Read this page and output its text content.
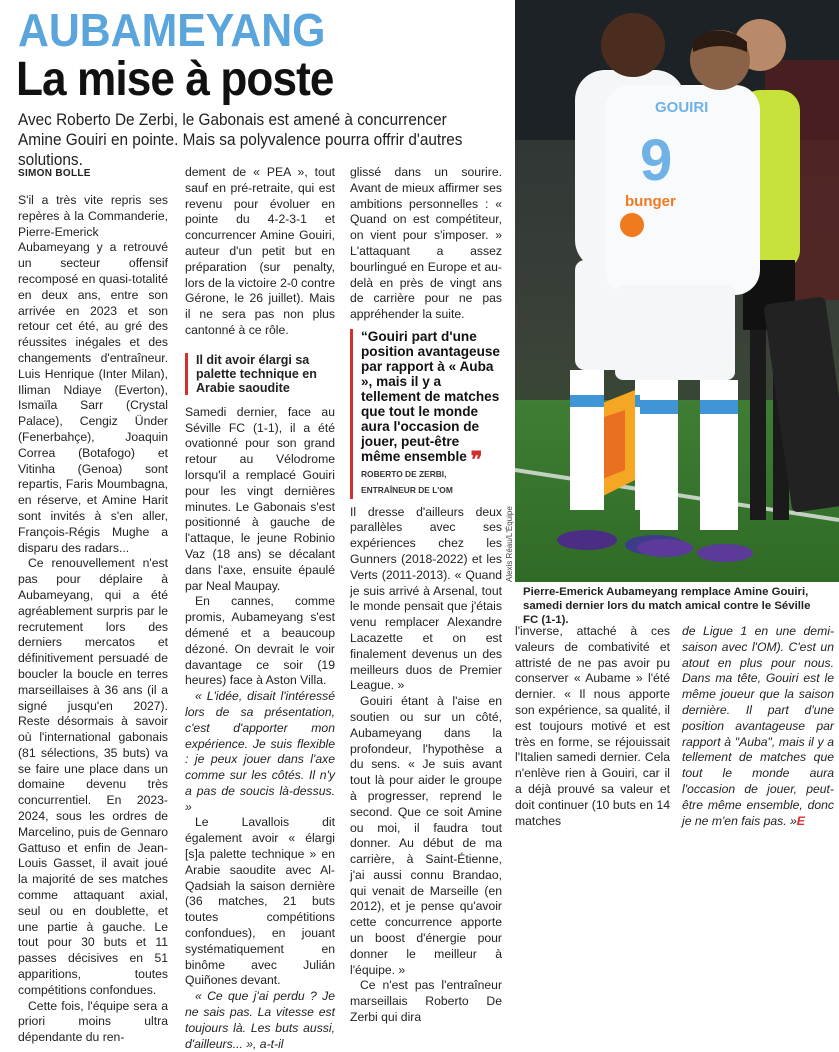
AUBAMEYANG
La mise à poste
Avec Roberto De Zerbi, le Gabonais est amené à concurrencer Amine Gouiri en pointe. Mais sa polyvalence pourra offrir d'autres solutions.
SIMON BOLLE

S'il a très vite repris ses repères à la Commanderie, Pierre-Emerick Aubameyang y a retrouvé un secteur offensif recomposé en quasi-totalité en deux ans, entre son arrivée en 2023 et son retour cet été, au gré des réussites inégales et des changements d'entraîneur. Luis Henrique (Inter Milan), Iliman Ndiaye (Everton), Ismaïla Sarr (Crystal Palace), Cengiz Ünder (Fenerbahçe), Joaquin Correa (Botafogo) et Vitinha (Genoa) sont repartis, Faris Moumbagna, en réserve, et Amine Harit sont invités à s'en aller, François-Régis Mughe a disparu des radars...

Ce renouvellement n'est pas pour déplaire à Aubameyang, qui a été agréablement surpris par le recrutement lors des derniers mercatos et définitivement persuadé de boucler la boucle en terres marseillaises à 36 ans (il a signé jusqu'en 2027). Reste désormais à savoir où l'international gabonais (81 sélections, 35 buts) va se faire une place dans un domaine devenu très concurrentiel. En 2023-2024, sous les ordres de Marcelino, puis de Gennaro Gattuso et enfin de Jean-Louis Gasset, il avait joué la majorité de ses matches comme attaquant axial, seul ou en doublette, et une partie à gauche. Le tout pour 30 buts et 11 passes décisives en 51 apparitions, toutes compétitions confondues.

Cette fois, l'équipe sera a priori moins ultra dépendante du ren-

dement de « PEA », tout sauf en pré-retraite, qui est revenu pour évoluer en pointe du 4-2-3-1 et concurrencer Amine Gouiri, auteur d'un petit but en préparation (sur penalty, lors de la victoire 2-0 contre Gérone, le 26 juillet). Mais il ne sera pas non plus cantonné à ce rôle.

Il dit avoir élargi sa palette technique en Arabie saoudite

Samedi dernier, face au Séville FC (1-1), il a été ovationné pour son grand retour au Vélodrome lorsqu'il a remplacé Gouiri pour les vingt dernières minutes. Le Gabonais s'est positionné à gauche de l'attaque, le jeune Robinio Vaz (18 ans) se décalant dans l'axe, ensuite épaulé par Neal Maupay.

En cannes, comme promis, Aubameyang s'est démené et a beaucoup dézoné. On devrait le voir davantage ce soir (19 heures) face à Aston Villa.

« L'idée, disait l'intéressé lors de sa présentation, c'est d'apporter mon expérience. Je suis flexible : je peux jouer dans l'axe comme sur les côtés. Il n'y a pas de soucis là-dessus. »

Le Lavallois dit également avoir « élargi [s]a palette technique » en Arabie saoudite avec Al-Qadsiah la saison dernière (36 matches, 21 buts toutes compétitions confondues), en jouant systématiquement en binôme avec Julián Quiñones devant.

« Ce que j'ai perdu ? Je ne sais pas. La vitesse est toujours là. Les buts aussi, d'ailleurs... », a-t-il

glissé dans un sourire. Avant de mieux affirmer ses ambitions personnelles : « Quand on est compétiteur, on vient pour s'imposer. » L'attaquant a assez bourlingué en Europe et au-delà en près de vingt ans de carrière pour ne pas appréhender la suite.

“Gouiri part d'une position avantageuse par rapport à « Auba », mais il y a tellement de matches que tout le monde aura l'occasion de jouer, peut-être même ensemble ❞
ROBERTO DE ZERBI, ENTRAÎNEUR DE L'OM

Il dresse d'ailleurs deux parallèles avec ses expériences chez les Gunners (2018-2022) et les Verts (2011-2013). « Quand je suis arrivé à Arsenal, tout le monde pensait que j'étais venu remplacer Alexandre Lacazette et on est finalement devenus un des meilleurs duos de Premier League. »

Gouiri étant à l'aise en soutien ou sur un côté, Aubameyang dans la profondeur, l'hypothèse a du sens. « Je suis avant tout là pour aider le groupe à progresser, reprend le second. Que ce soit Amine ou moi, il faudra tout donner. Au début de ma carrière, à Saint-Étienne, j'ai aussi connu Brandao, qui venait de Marseille (en 2012), et je pense qu'avoir cette concurrence apporte un boost d'énergie pour donner le meilleur à l'équipe. »

Ce n'est pas l'entraîneur marseillais Roberto De Zerbi qui dira

GOUIRI
9
bunger
Alexis Réau/L'Équipe
Pierre-Emerick Aubameyang remplace Amine Gouiri, samedi dernier lors du match amical contre le Séville FC (1-1).

l'inverse, attaché à ces valeurs de combativité et attristé de ne pas avoir pu conserver « Aubame » l'été dernier. « Il nous apporte son expérience, sa qualité, il est toujours motivé et est très en forme, se réjouissait l'Italien samedi dernier. Cela n'enlève rien à Gouiri, car il a déjà prouvé sa valeur et doit continuer (10 buts en 14 matches

de Ligue 1 en une demi-saison avec l'OM). C'est un atout en plus pour nous. Dans ma tête, Gouiri est le même joueur que la saison dernière. Il part d'une position avantageuse par rapport à "Auba", mais il y a tellement de matches que tout le monde aura l'occasion de jouer, peut-être même ensemble, donc je ne m'en fais pas. »E
